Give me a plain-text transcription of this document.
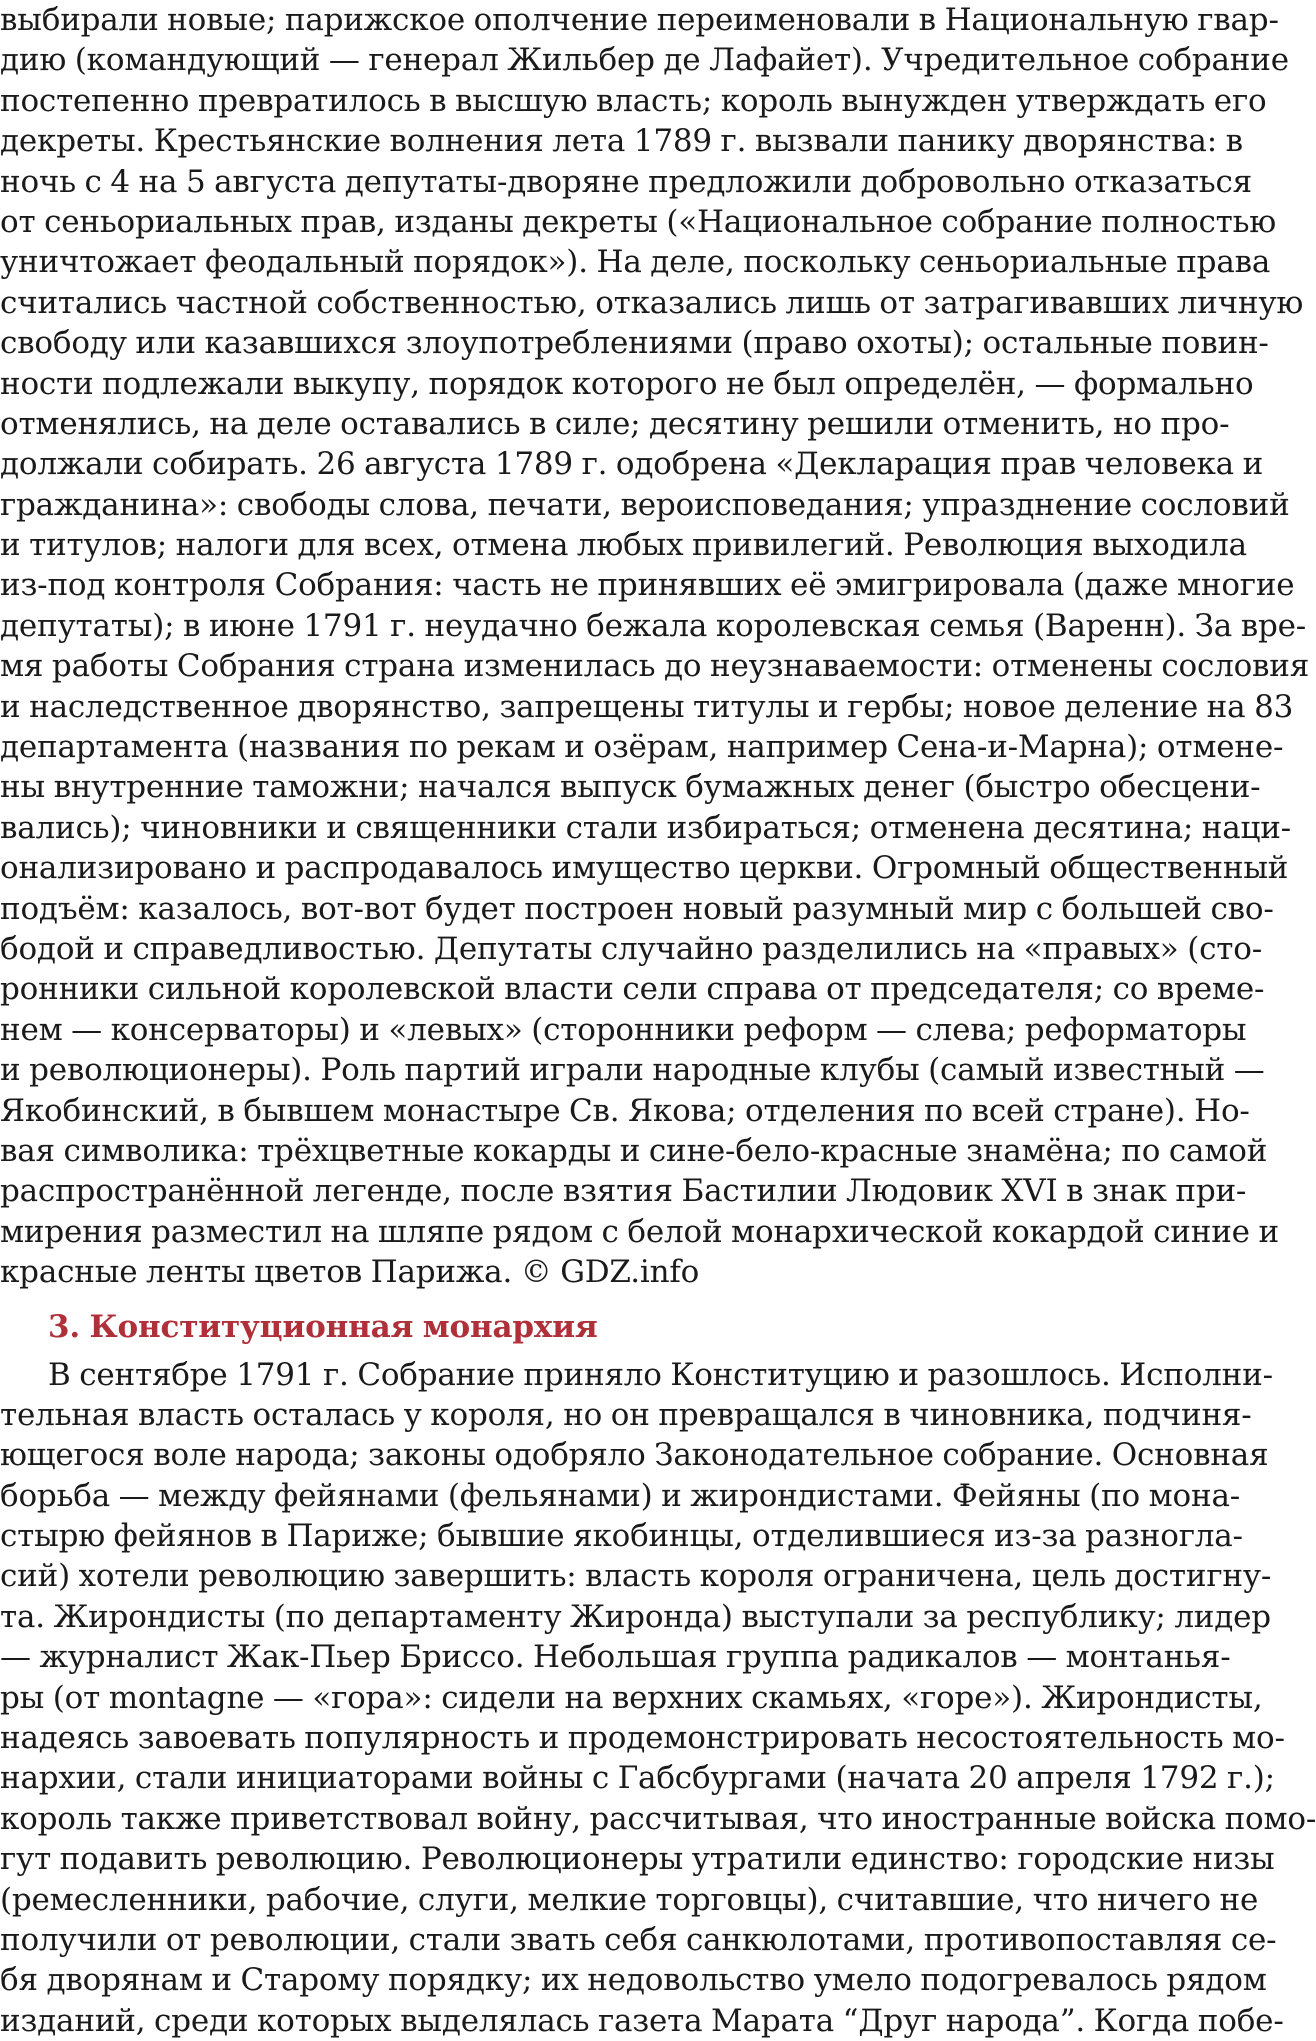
выбирали новые; парижское ополчение переименовали в Национальную гвар-
дию (командующий — генерал Жильбер де Лафайет). Учредительное собрание
постепенно превратилось в высшую власть; король вынужден утверждать его
декреты. Крестьянские волнения лета 1789 г. вызвали панику дворянства: в
ночь с 4 на 5 августа депутаты-дворяне предложили добровольно отказаться
от сеньориальных прав, изданы декреты («Национальное собрание полностью
уничтожает феодальный порядок»). На деле, поскольку сеньориальные права
считались частной собственностью, отказались лишь от затрагивавших личную
свободу или казавшихся злоупотреблениями (право охоты); остальные повин-
ности подлежали выкупу, порядок которого не был определён, — формально
отменялись, на деле оставались в силе; десятину решили отменить, но про-
должали собирать. 26 августа 1789 г. одобрена «Декларация прав человека и
гражданина»: свободы слова, печати, вероисповедания; упразднение сословий
и титулов; налоги для всех, отмена любых привилегий. Революция выходила
из-под контроля Собрания: часть не принявших её эмигрировала (даже многие
депутаты); в июне 1791 г. неудачно бежала королевская семья (Варенн). За вре-
мя работы Собрания страна изменилась до неузнаваемости: отменены сословия
и наследственное дворянство, запрещены титулы и гербы; новое деление на 83
департамента (названия по рекам и озёрам, например Сена-и-Марна); отмене-
ны внутренние таможни; начался выпуск бумажных денег (быстро обесцени-
вались); чиновники и священники стали избираться; отменена десятина; наци-
онализировано и распродавалось имущество церкви. Огромный общественный
подъём: казалось, вот-вот будет построен новый разумный мир с большей сво-
бодой и справедливостью. Депутаты случайно разделились на «правых» (сто-
ронники сильной королевской власти сели справа от председателя; со време-
нем — консерваторы) и «левых» (сторонники реформ — слева; реформаторы
и революционеры). Роль партий играли народные клубы (самый известный —
Якобинский, в бывшем монастыре Св. Якова; отделения по всей стране). Но-
вая символика: трёхцветные кокарды и сине-бело-красные знамёна; по самой
распространённой легенде, после взятия Бастилии Людовик XVI в знак при-
мирения разместил на шляпе рядом с белой монархической кокардой синие и
красные ленты цветов Парижа. © GDZ.info
3. Конституционная монархия
В сентябре 1791 г. Собрание приняло Конституцию и разошлось. Исполни-
тельная власть осталась у короля, но он превращался в чиновника, подчиня-
ющегося воле народа; законы одобряло Законодательное собрание. Основная
борьба — между фейянами (фельянами) и жирондистами. Фейяны (по мона-
стырю фейянов в Париже; бывшие якобинцы, отделившиеся из-за разногла-
сий) хотели революцию завершить: власть короля ограничена, цель достигну-
та. Жирондисты (по департаменту Жиронда) выступали за республику; лидер
— журналист Жак-Пьер Бриссо. Небольшая группа радикалов — монтанья-
ры (от montagne — «гора»: сидели на верхних скамьях, «горе»). Жирондисты,
надеясь завоевать популярность и продемонстрировать несостоятельность мо-
нархии, стали инициаторами войны с Габсбургами (начата 20 апреля 1792 г.);
король также приветствовал войну, рассчитывая, что иностранные войска помо-
гут подавить революцию. Революционеры утратили единство: городские низы
(ремесленники, рабочие, слуги, мелкие торговцы), считавшие, что ничего не
получили от революции, стали звать себя санкюлотами, противопоставляя се-
бя дворянам и Старому порядку; их недовольство умело подогревалось рядом
изданий, среди которых выделялась газета Марата “Друг народа”. Когда побе-
